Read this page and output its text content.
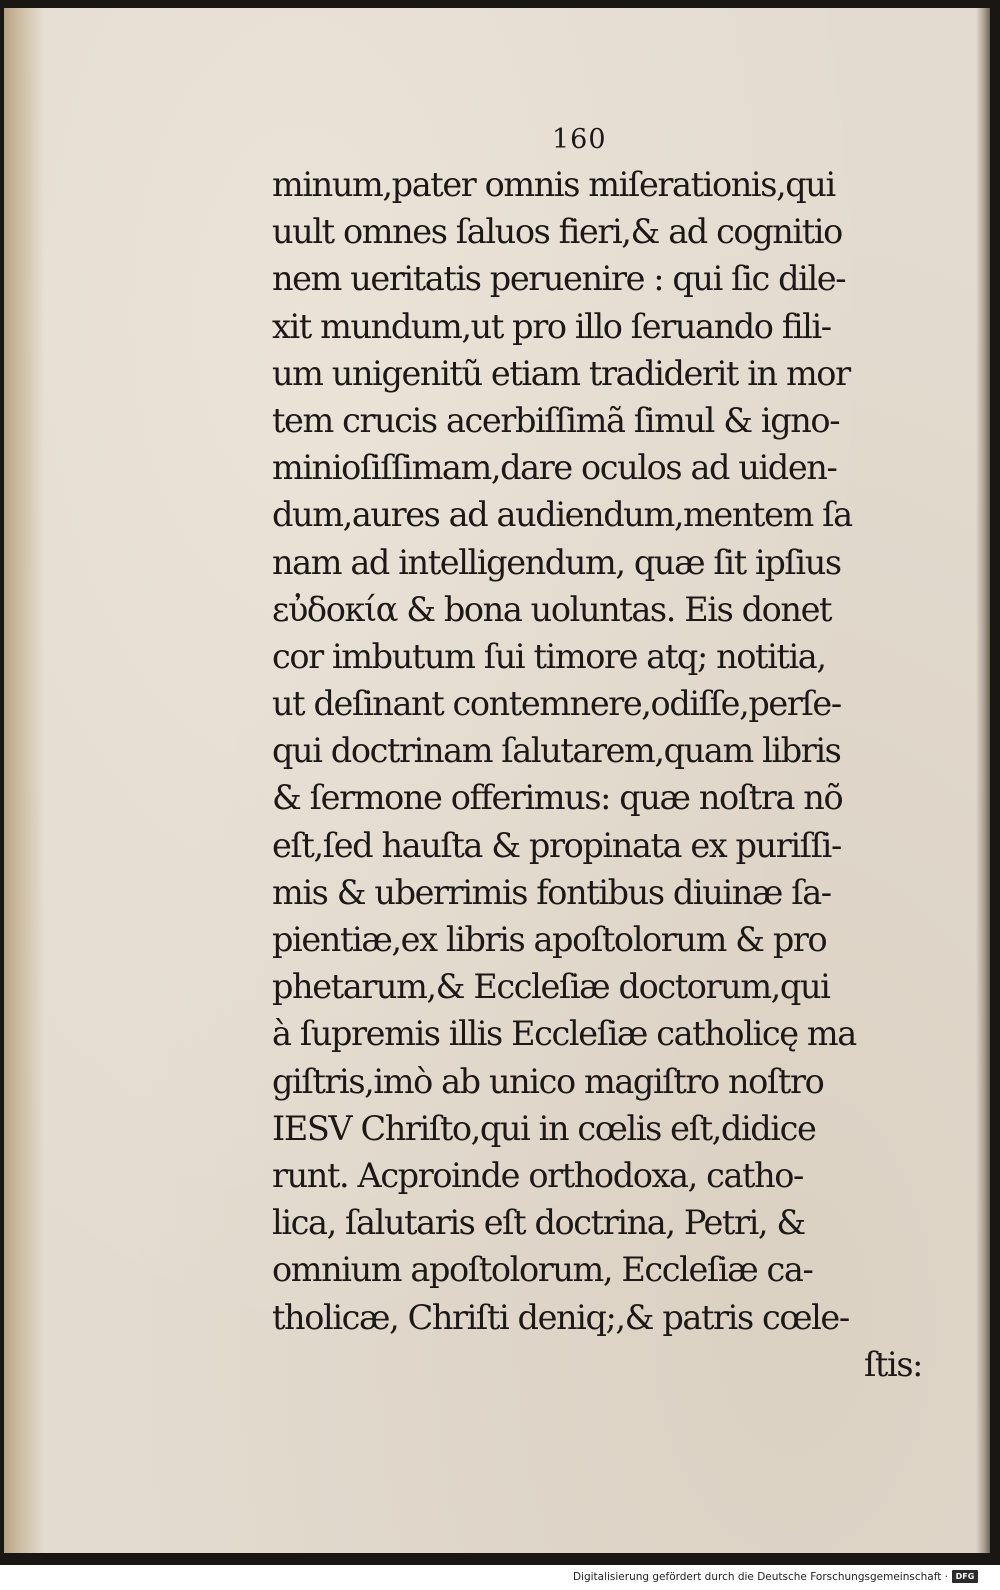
160
minum,pater omnis miſerationis,qui
uult omnes ſaluos fieri,& ad cognitio
nem ueritatis peruenire : qui ſic dile-
xit mundum,ut pro illo ſeruando fili-
um unigenitũ etiam tradiderit in mor
tem crucis acerbiſſimã ſimul & igno-
minioſiſſimam,dare oculos ad uiden-
dum,aures ad audiendum,mentem ſa
nam ad intelligendum, quæ ſit ipſius
εὐδοκία & bona uoluntas. Eis donet
cor imbutum ſui timore atq; notitia,
ut deſinant contemnere,odiſſe,perſe-
qui doctrinam ſalutarem,quam libris
& ſermone offerimus: quæ noſtra nõ
eſt,ſed hauſta & propinata ex puriſſi-
mis & uberrimis fontibus diuinæ ſa-
pientiæ,ex libris apoſtolorum & pro
phetarum,& Eccleſiæ doctorum,qui
à ſupremis illis Eccleſiæ catholicę ma
giſtris,imò ab unico magiſtro noſtro
IESV Chriſto,qui in cœlis eſt,didice
runt. Acproinde orthodoxa, catho-
lica, ſalutaris eſt doctrina, Petri, &
omnium apoſtolorum, Eccleſiæ ca-
tholicæ, Chriſti deniq;,& patris cœle-
ſtis:
Digitalisierung gefördert durch die Deutsche Forschungsgemeinschaft · DFG
